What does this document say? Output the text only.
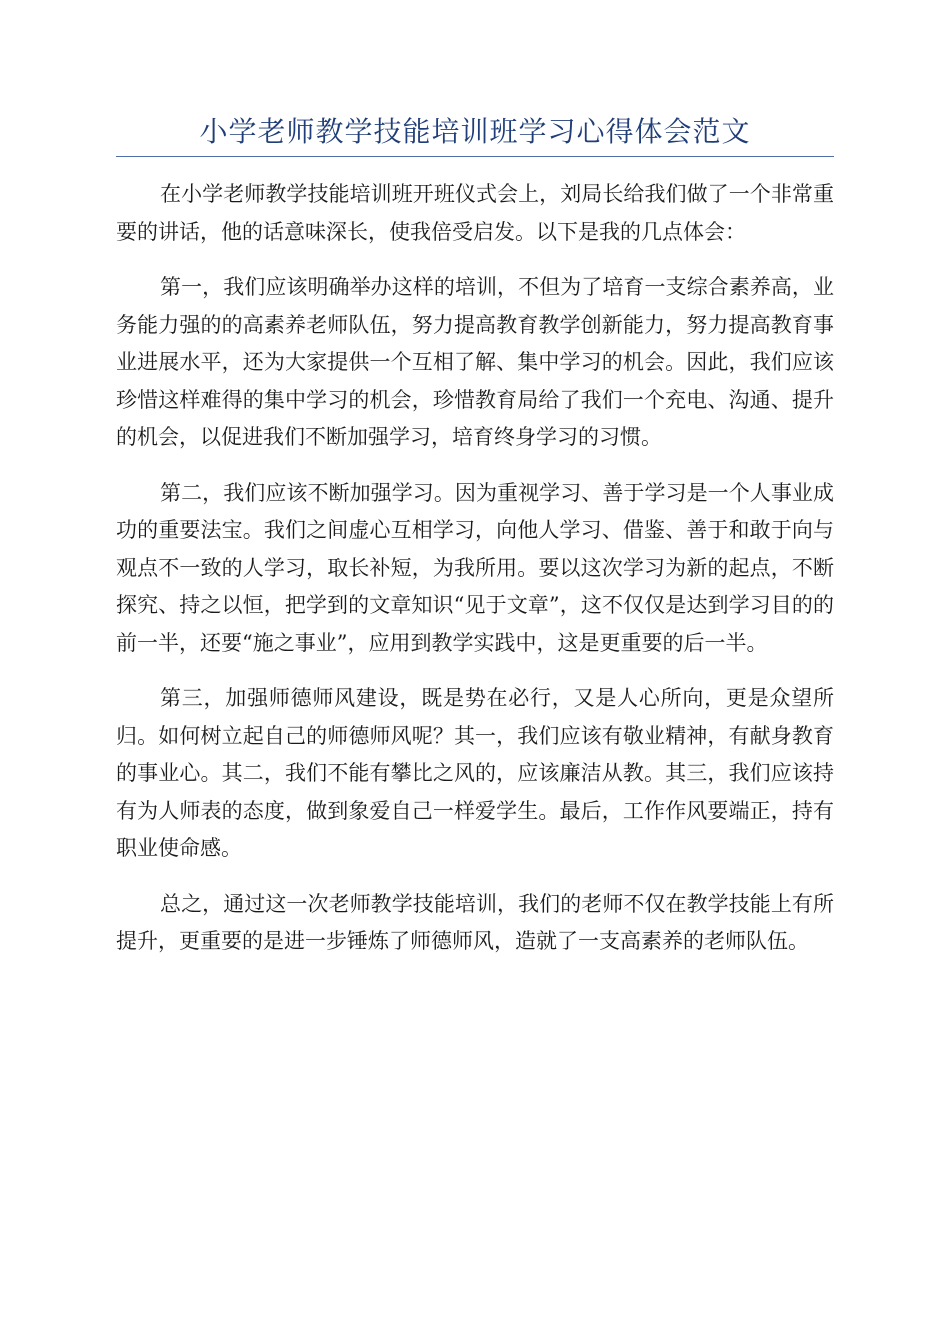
小学老师教学技能培训班学习心得体会范文

在小学老师教学技能培训班开班仪式会上，刘局长给我们做了一个非常重要的讲话，他的话意味深长，使我倍受启发。以下是我的几点体会：

第一，我们应该明确举办这样的培训，不但为了培育一支综合素养高，业务能力强的的高素养老师队伍，努力提高教育教学创新能力，努力提高教育事业进展水平，还为大家提供一个互相了解、集中学习的机会。因此，我们应该珍惜这样难得的集中学习的机会，珍惜教育局给了我们一个充电、沟通、提升的机会，以促进我们不断加强学习，培育终身学习的习惯。

第二，我们应该不断加强学习。因为重视学习、善于学习是一个人事业成功的重要法宝。我们之间虚心互相学习，向他人学习、借鉴、善于和敢于向与观点不一致的人学习，取长补短，为我所用。要以这次学习为新的起点，不断探究、持之以恒，把学到的文章知识“见于文章”，这不仅仅是达到学习目的的前一半，还要“施之事业”，应用到教学实践中，这是更重要的后一半。

第三，加强师德师风建设，既是势在必行，又是人心所向，更是众望所归。如何树立起自己的师德师风呢？其一，我们应该有敬业精神，有献身教育的事业心。其二，我们不能有攀比之风的，应该廉洁从教。其三，我们应该持有为人师表的态度，做到象爱自己一样爱学生。最后，工作作风要端正，持有职业使命感。

总之，通过这一次老师教学技能培训，我们的老师不仅在教学技能上有所提升，更重要的是进一步锤炼了师德师风，造就了一支高素养的老师队伍。
